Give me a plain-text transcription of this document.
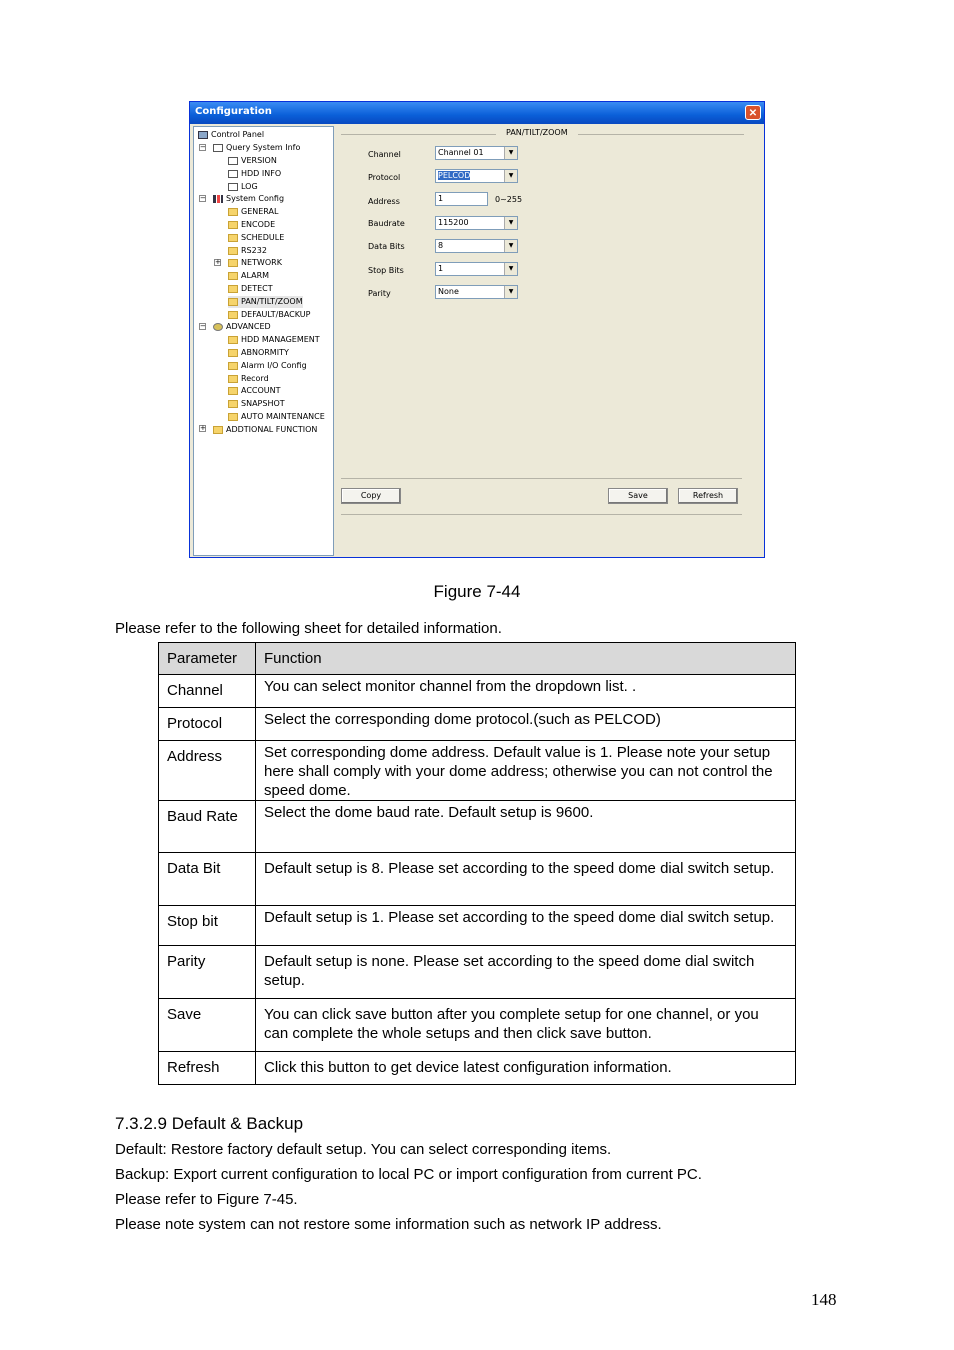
Configuration	✕
−
−
+
−
+
Control Panel
Query System Info
VERSION
HDD INFO
LOG
System Config
GENERAL
ENCODE
SCHEDULE
RS232
NETWORK
ALARM
DETECT
PAN/TILT/ZOOM
DEFAULT/BACKUP
ADVANCED
HDD MANAGEMENT
ABNORMITY
Alarm I/O Config
Record
ACCOUNT
SNAPSHOT
AUTO MAINTENANCE
ADDTIONAL FUNCTION
PAN/TILT/ZOOM
Channel	Channel 01	▼
Protocol	PELCOD	▼
Address	1	0~255
Baudrate	115200	▼
Data Bits	8	▼
Stop Bits	1	▼
Parity	None	▼
Copy	Save	Refresh
Figure 7-44
Please refer to the following sheet for detailed information.
Parameter	Function
Channel	You can select monitor channel from the dropdown list. .
Protocol	Select the corresponding dome protocol.(such as PELCOD)
Address	Set corresponding dome address. Default value is 1. Please note your setup here shall comply with your dome address; otherwise you can not control the speed dome.
Baud Rate	Select the dome baud rate. Default setup is 9600.
Data Bit	Default setup is 8. Please set according to the speed dome dial switch setup.
Stop bit	Default setup is 1. Please set according to the speed dome dial switch setup.
Parity	Default setup is none. Please set according to the speed dome dial switch setup.
Save	You can click save button after you complete setup for one channel, or you can complete the whole setups and then click save button.
Refresh	Click this button to get device latest configuration information.
7.3.2.9 Default & Backup
Default: Restore factory default setup. You can select corresponding items.
Backup: Export current configuration to local PC or import configuration from current PC.
Please refer to Figure 7-45.
Please note system can not restore some information such as network IP address.
148
